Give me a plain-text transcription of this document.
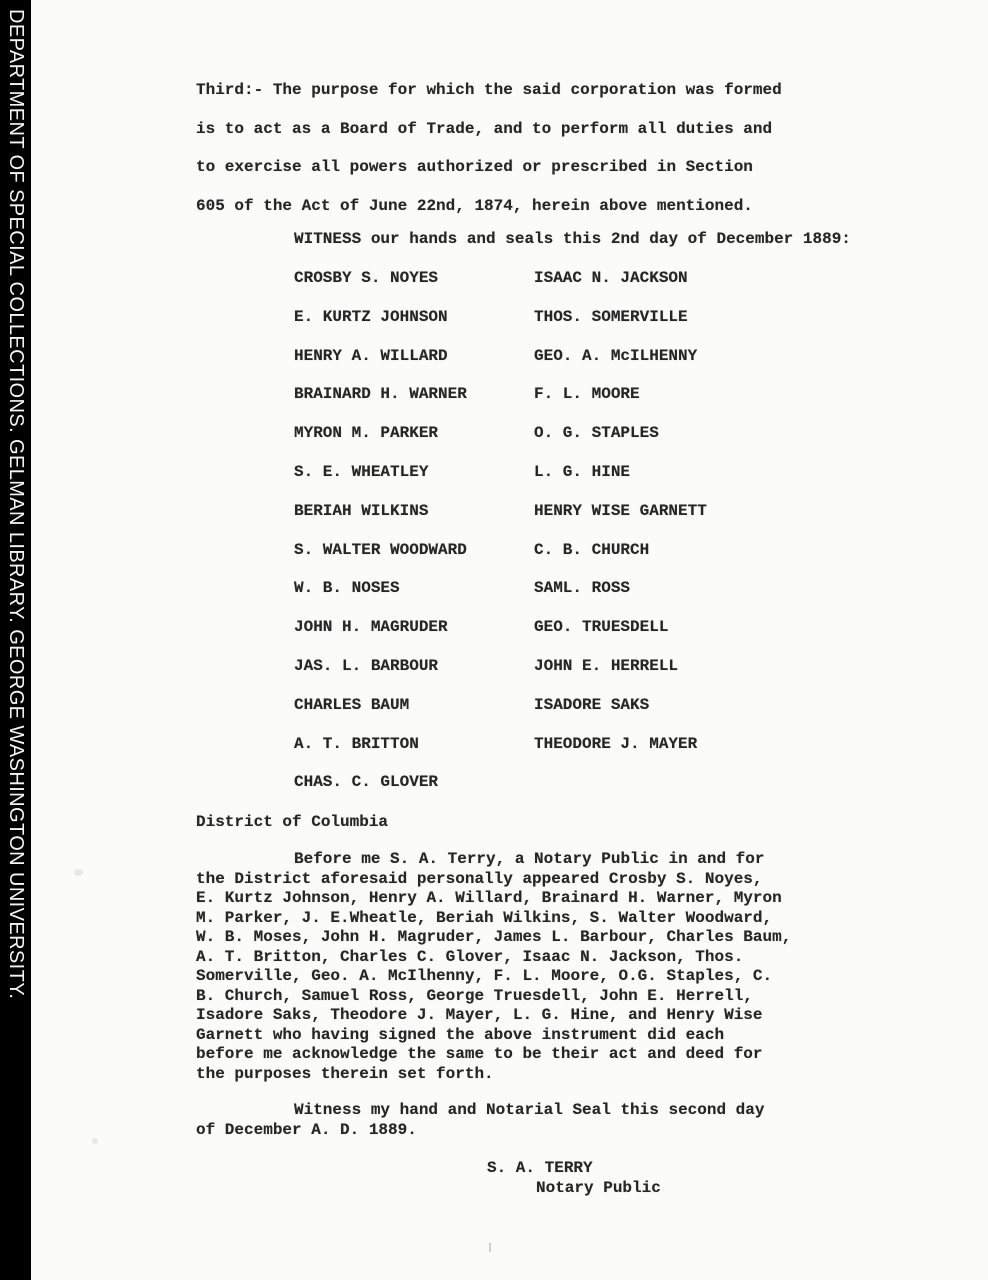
DEPARTMENT OF SPECIAL COLLECTIONS. GELMAN LIBRARY. GEORGE WASHINGTON UNIVERSITY.	Third:- The purpose for which the said corporation was formed
is to act as a Board of Trade, and to perform all duties and
to exercise all powers authorized or prescribed in Section
605 of the Act of June 22nd, 1874, herein above mentioned.
WITNESS our hands and seals this 2nd day of December 1889:
CROSBY S. NOYES
E. KURTZ JOHNSON
HENRY A. WILLARD
BRAINARD H. WARNER
MYRON M. PARKER
S. E. WHEATLEY
BERIAH WILKINS
S. WALTER WOODWARD
W. B. NOSES
JOHN H. MAGRUDER
JAS. L. BARBOUR
CHARLES BAUM
A. T. BRITTON
CHAS. C. GLOVER
ISAAC N. JACKSON
THOS. SOMERVILLE
GEO. A. McILHENNY
F. L. MOORE
O. G. STAPLES
L. G. HINE
HENRY WISE GARNETT
C. B. CHURCH
SAML. ROSS
GEO. TRUESDELL
JOHN E. HERRELL
ISADORE SAKS
THEODORE J. MAYER
District of Columbia
Before me S. A. Terry, a Notary Public in and for
the District aforesaid personally appeared Crosby S. Noyes,
E. Kurtz Johnson, Henry A. Willard, Brainard H. Warner, Myron
M. Parker, J. E.Wheatle, Beriah Wilkins, S. Walter Woodward,
W. B. Moses, John H. Magruder, James L. Barbour, Charles Baum,
A. T. Britton, Charles C. Glover, Isaac N. Jackson, Thos.
Somerville, Geo. A. McIlhenny, F. L. Moore, O.G. Staples, C.
B. Church, Samuel Ross, George Truesdell, John E. Herrell,
Isadore Saks, Theodore J. Mayer, L. G. Hine, and Henry Wise
Garnett who having signed the above instrument did each
before me acknowledge the same to be their act and deed for
the purposes therein set forth.
Witness my hand and Notarial Seal this second day
of December A. D. 1889.
S. A. TERRY
Notary Public
